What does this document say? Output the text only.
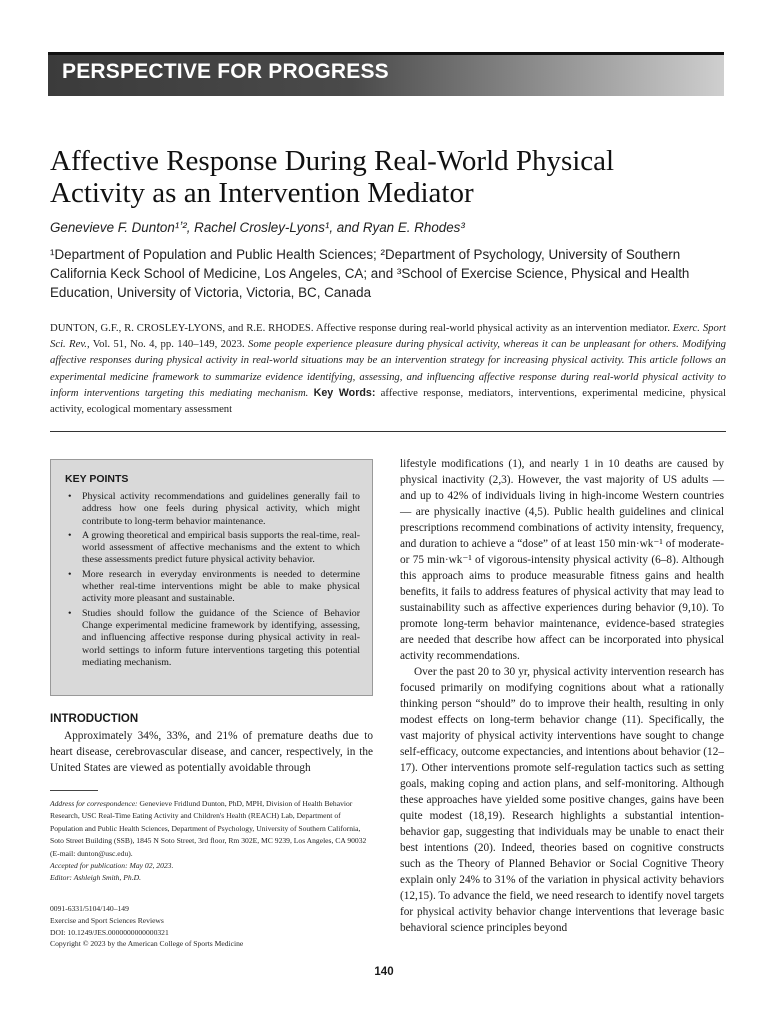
PERSPECTIVE FOR PROGRESS
Affective Response During Real-World Physical Activity as an Intervention Mediator
Genevieve F. Dunton¹ʼ², Rachel Crosley-Lyons¹, and Ryan E. Rhodes³
¹Department of Population and Public Health Sciences; ²Department of Psychology, University of Southern California Keck School of Medicine, Los Angeles, CA; and ³School of Exercise Science, Physical and Health Education, University of Victoria, Victoria, BC, Canada
DUNTON, G.F., R. CROSLEY-LYONS, and R.E. RHODES. Affective response during real-world physical activity as an intervention mediator. Exerc. Sport Sci. Rev., Vol. 51, No. 4, pp. 140–149, 2023. Some people experience pleasure during physical activity, whereas it can be unpleasant for others. Modifying affective responses during physical activity in real-world situations may be an intervention strategy for increasing physical activity. This article follows an experimental medicine framework to summarize evidence identifying, assessing, and influencing affective response during real-world physical activity to inform interventions targeting this mediating mechanism. Key Words: affective response, mediators, interventions, experimental medicine, physical activity, ecological momentary assessment
KEY POINTS
• Physical activity recommendations and guidelines generally fail to address how one feels during physical activity, which might contribute to long-term behavior maintenance.
• A growing theoretical and empirical basis supports the real-time, real-world assessment of affective mechanisms and the extent to which these assessments predict future physical activity behavior.
• More research in everyday environments is needed to determine whether real-time interventions might be able to make physical activity more pleasant and sustainable.
• Studies should follow the guidance of the Science of Behavior Change experimental medicine framework by identifying, assessing, and influencing affective response during physical activity in real-world settings to inform future interventions targeting this potential mediating mechanism.
INTRODUCTION

Approximately 34%, 33%, and 21% of premature deaths due to heart disease, cerebrovascular disease, and cancer, respectively, in the United States are viewed as potentially avoidable through

Address for correspondence: Genevieve Fridlund Dunton, PhD, MPH, Division of Health Behavior Research, USC Real-Time Eating Activity and Children's Health (REACH) Lab, Department of Population and Public Health Sciences, Department of Psychology, University of Southern California, Soto Street Building (SSB), 1845 N Soto Street, 3rd floor, Rm 302E, MC 9239, Los Angeles, CA 90032 (E-mail: dunton@usc.edu).
Accepted for publication: May 02, 2023.
Editor: Ashleigh Smith, Ph.D.
0091-6331/5104/140–149
Exercise and Sport Sciences Reviews
DOI: 10.1249/JES.0000000000000321
Copyright © 2023 by the American College of Sports Medicine

lifestyle modifications (1), and nearly 1 in 10 deaths are caused by physical inactivity (2,3). However, the vast majority of US adults — and up to 42% of individuals living in high-income Western countries — are physically inactive (4,5). Public health guidelines and clinical prescriptions recommend combinations of activity intensity, frequency, and duration to achieve a “dose” of at least 150 min·wk⁻¹ of moderate- or 75 min·wk⁻¹ of vigorous-intensity physical activity (6–8). Although this approach aims to produce measurable fitness gains and health benefits, it fails to address features of physical activity that may lead to sustainability such as affective experiences during behavior (9,10). To promote long-term behavior maintenance, evidence-based strategies are needed that describe how affect can be incorporated into physical activity recommendations.

Over the past 20 to 30 yr, physical activity intervention research has focused primarily on modifying cognitions about what a rationally thinking person “should” do to improve their health, resulting in only modest effects on long-term behavior change (11). Specifically, the vast majority of physical activity interventions have sought to change self-efficacy, outcome expectancies, and intentions about behavior (12–17). Other interventions promote self-regulation tactics such as setting goals, making coping and action plans, and self-monitoring. Although these approaches have yielded some positive changes, gains have been quite modest (18,19). Research highlights a substantial intention-behavior gap, suggesting that individuals may be unable to enact their best intentions (20). Indeed, theories based on cognitive constructs such as the Theory of Planned Behavior or Social Cognitive Theory explain only 24% to 31% of the variation in physical activity behaviors (12,15). To advance the field, we need research to identify novel targets for physical activity behavior change interventions that leverage basic behavioral science principles beyond

140
